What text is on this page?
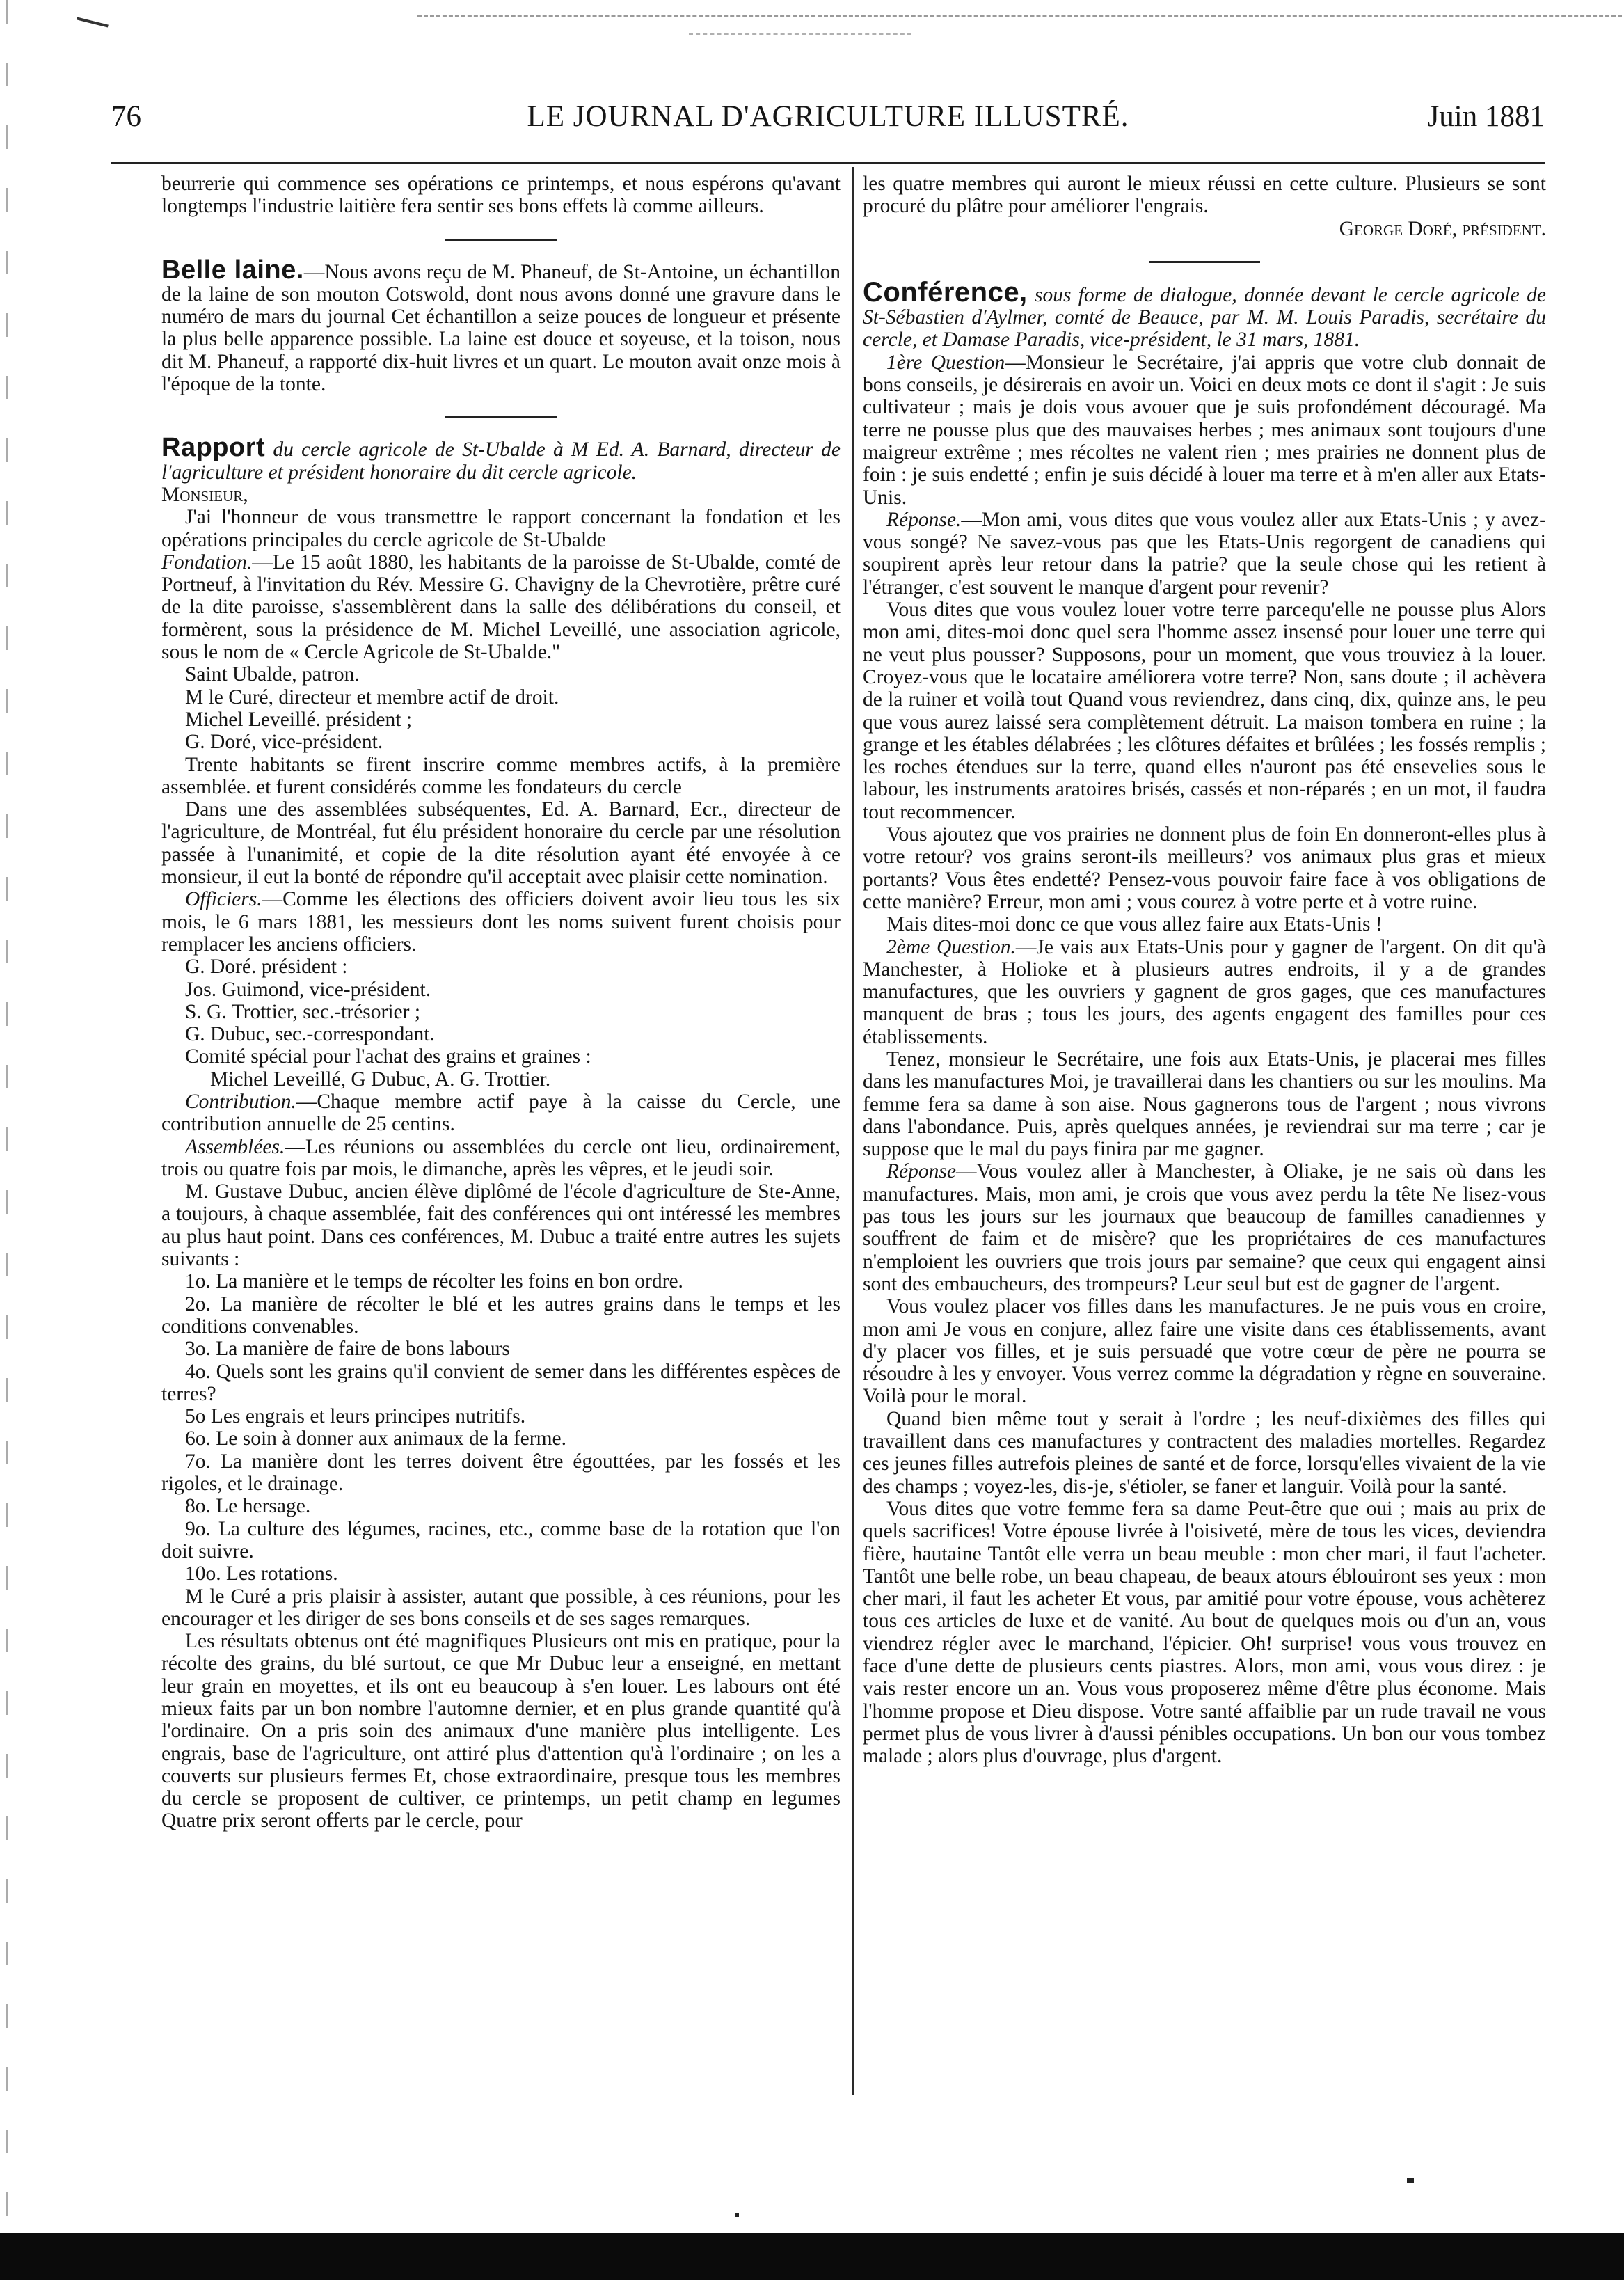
76	LE JOURNAL D'AGRICULTURE ILLUSTRÉ.	Juin 1881

beurrerie qui commence ses opérations ce printemps, et nous espérons qu'avant longtemps l'industrie laitière fera sentir ses bons effets là comme ailleurs.

Belle laine.—Nous avons reçu de M. Phaneuf, de St-Antoine, un échantillon de la laine de son mouton Cotswold, dont nous avons donné une gravure dans le numéro de mars du journal Cet échantillon a seize pouces de longueur et présente la plus belle apparence possible. La laine est douce et soyeuse, et la toison, nous dit M. Phaneuf, a rapporté dix-huit livres et un quart. Le mouton avait onze mois à l'époque de la tonte.

Rapport du cercle agricole de St-Ubalde à M Ed. A. Barnard, directeur de l'agriculture et président honoraire du dit cercle agricole.

Monsieur,

J'ai l'honneur de vous transmettre le rapport concernant la fondation et les opérations principales du cercle agricole de St-Ubalde

Fondation.—Le 15 août 1880, les habitants de la paroisse de St-Ubalde, comté de Portneuf, à l'invitation du Rév. Messire G. Chavigny de la Chevrotière, prêtre curé de la dite paroisse, s'assemblèrent dans la salle des délibérations du conseil, et formèrent, sous la présidence de M. Michel Leveillé, une association agricole, sous le nom de « Cercle Agricole de St-Ubalde."

Saint Ubalde, patron.

M le Curé, directeur et membre actif de droit.

Michel Leveillé. président ;

G. Doré, vice-président.

Trente habitants se firent inscrire comme membres actifs, à la première assemblée. et furent considérés comme les fondateurs du cercle

Dans une des assemblées subséquentes, Ed. A. Barnard, Ecr., directeur de l'agriculture, de Montréal, fut élu président honoraire du cercle par une résolution passée à l'unanimité, et copie de la dite résolution ayant été envoyée à ce monsieur, il eut la bonté de répondre qu'il acceptait avec plaisir cette nomination.

Officiers.—Comme les élections des officiers doivent avoir lieu tous les six mois, le 6 mars 1881, les messieurs dont les noms suivent furent choisis pour remplacer les anciens officiers.

G. Doré. président :

Jos. Guimond, vice-président.

S. G. Trottier, sec.-trésorier ;

G. Dubuc, sec.-correspondant.

Comité spécial pour l'achat des grains et graines :

Michel Leveillé, G Dubuc, A. G. Trottier.

Contribution.—Chaque membre actif paye à la caisse du Cercle, une contribution annuelle de 25 centins.

Assemblées.—Les réunions ou assemblées du cercle ont lieu, ordinairement, trois ou quatre fois par mois, le dimanche, après les vêpres, et le jeudi soir.

M. Gustave Dubuc, ancien élève diplômé de l'école d'agriculture de Ste-Anne, a toujours, à chaque assemblée, fait des conférences qui ont intéressé les membres au plus haut point. Dans ces conférences, M. Dubuc a traité entre autres les sujets suivants :

1o. La manière et le temps de récolter les foins en bon ordre.

2o. La manière de récolter le blé et les autres grains dans le temps et les conditions convenables.

3o. La manière de faire de bons labours

4o. Quels sont les grains qu'il convient de semer dans les différentes espèces de terres?

5o Les engrais et leurs principes nutritifs.

6o. Le soin à donner aux animaux de la ferme.

7o. La manière dont les terres doivent être égouttées, par les fossés et les rigoles, et le drainage.

8o. Le hersage.

9o. La culture des légumes, racines, etc., comme base de la rotation que l'on doit suivre.

10o. Les rotations.

M le Curé a pris plaisir à assister, autant que possible, à ces réunions, pour les encourager et les diriger de ses bons conseils et de ses sages remarques.

Les résultats obtenus ont été magnifiques Plusieurs ont mis en pratique, pour la récolte des grains, du blé surtout, ce que Mr Dubuc leur a enseigné, en mettant leur grain en moyettes, et ils ont eu beaucoup à s'en louer. Les labours ont été mieux faits par un bon nombre l'automne dernier, et en plus grande quantité qu'à l'ordinaire. On a pris soin des animaux d'une manière plus intelligente. Les engrais, base de l'agriculture, ont attiré plus d'attention qu'à l'ordinaire ; on les a couverts sur plusieurs fermes Et, chose extraordinaire, presque tous les membres du cercle se proposent de cultiver, ce printemps, un petit champ en legumes Quatre prix seront offerts par le cercle, pour

les quatre membres qui auront le mieux réussi en cette culture. Plusieurs se sont procuré du plâtre pour améliorer l'engrais.

George Doré, président.

Conférence, sous forme de dialogue, donnée devant le cercle agricole de St-Sébastien d'Aylmer, comté de Beauce, par M. M. Louis Paradis, secrétaire du cercle, et Damase Paradis, vice-président, le 31 mars, 1881.

1ère Question—Monsieur le Secrétaire, j'ai appris que votre club donnait de bons conseils, je désirerais en avoir un. Voici en deux mots ce dont il s'agit : Je suis cultivateur ; mais je dois vous avouer que je suis profondément découragé. Ma terre ne pousse plus que des mauvaises herbes ; mes animaux sont toujours d'une maigreur extrême ; mes récoltes ne valent rien ; mes prairies ne donnent plus de foin : je suis endetté ; enfin je suis décidé à louer ma terre et à m'en aller aux Etats-Unis.

Réponse.—Mon ami, vous dites que vous voulez aller aux Etats-Unis ; y avez-vous songé? Ne savez-vous pas que les Etats-Unis regorgent de canadiens qui soupirent après leur retour dans la patrie? que la seule chose qui les retient à l'étranger, c'est souvent le manque d'argent pour revenir?

Vous dites que vous voulez louer votre terre parcequ'elle ne pousse plus Alors mon ami, dites-moi donc quel sera l'homme assez insensé pour louer une terre qui ne veut plus pousser? Supposons, pour un moment, que vous trouviez à la louer. Croyez-vous que le locataire améliorera votre terre? Non, sans doute ; il achèvera de la ruiner et voilà tout Quand vous reviendrez, dans cinq, dix, quinze ans, le peu que vous aurez laissé sera complètement détruit. La maison tombera en ruine ; la grange et les étables délabrées ; les clôtures défaites et brûlées ; les fossés remplis ; les roches étendues sur la terre, quand elles n'auront pas été ensevelies sous le labour, les instruments aratoires brisés, cassés et non-réparés ; en un mot, il faudra tout recommencer.

Vous ajoutez que vos prairies ne donnent plus de foin En donneront-elles plus à votre retour? vos grains seront-ils meilleurs? vos animaux plus gras et mieux portants? Vous êtes endetté? Pensez-vous pouvoir faire face à vos obligations de cette manière? Erreur, mon ami ; vous courez à votre perte et à votre ruine.

Mais dites-moi donc ce que vous allez faire aux Etats-Unis !

2ème Question.—Je vais aux Etats-Unis pour y gagner de l'argent. On dit qu'à Manchester, à Holioke et à plusieurs autres endroits, il y a de grandes manufactures, que les ouvriers y gagnent de gros gages, que ces manufactures manquent de bras ; tous les jours, des agents engagent des familles pour ces établissements.

Tenez, monsieur le Secrétaire, une fois aux Etats-Unis, je placerai mes filles dans les manufactures Moi, je travaillerai dans les chantiers ou sur les moulins. Ma femme fera sa dame à son aise. Nous gagnerons tous de l'argent ; nous vivrons dans l'abondance. Puis, après quelques années, je reviendrai sur ma terre ; car je suppose que le mal du pays finira par me gagner.

Réponse—Vous voulez aller à Manchester, à Oliake, je ne sais où dans les manufactures. Mais, mon ami, je crois que vous avez perdu la tête Ne lisez-vous pas tous les jours sur les journaux que beaucoup de familles canadiennes y souffrent de faim et de misère? que les propriétaires de ces manufactures n'emploient les ouvriers que trois jours par semaine? que ceux qui engagent ainsi sont des embaucheurs, des trompeurs? Leur seul but est de gagner de l'argent.

Vous voulez placer vos filles dans les manufactures. Je ne puis vous en croire, mon ami Je vous en conjure, allez faire une visite dans ces établissements, avant d'y placer vos filles, et je suis persuadé que votre cœur de père ne pourra se résoudre à les y envoyer. Vous verrez comme la dégradation y règne en souveraine. Voilà pour le moral.

Quand bien même tout y serait à l'ordre ; les neuf-dixièmes des filles qui travaillent dans ces manufactures y contractent des maladies mortelles. Regardez ces jeunes filles autrefois pleines de santé et de force, lorsqu'elles vivaient de la vie des champs ; voyez-les, dis-je, s'étioler, se faner et languir. Voilà pour la santé.

Vous dites que votre femme fera sa dame Peut-être que oui ; mais au prix de quels sacrifices! Votre épouse livrée à l'oisiveté, mère de tous les vices, deviendra fière, hautaine Tantôt elle verra un beau meuble : mon cher mari, il faut l'acheter. Tantôt une belle robe, un beau chapeau, de beaux atours éblouiront ses yeux : mon cher mari, il faut les acheter Et vous, par amitié pour votre épouse, vous achèterez tous ces articles de luxe et de vanité. Au bout de quelques mois ou d'un an, vous viendrez régler avec le marchand, l'épicier. Oh! surprise! vous vous trouvez en face d'une dette de plusieurs cents piastres. Alors, mon ami, vous vous direz : je vais rester encore un an. Vous vous proposerez même d'être plus économe. Mais l'homme propose et Dieu dispose. Votre santé affaiblie par un rude travail ne vous permet plus de vous livrer à d'aussi pénibles occupations. Un bon our vous tombez malade ; alors plus d'ouvrage, plus d'argent.
